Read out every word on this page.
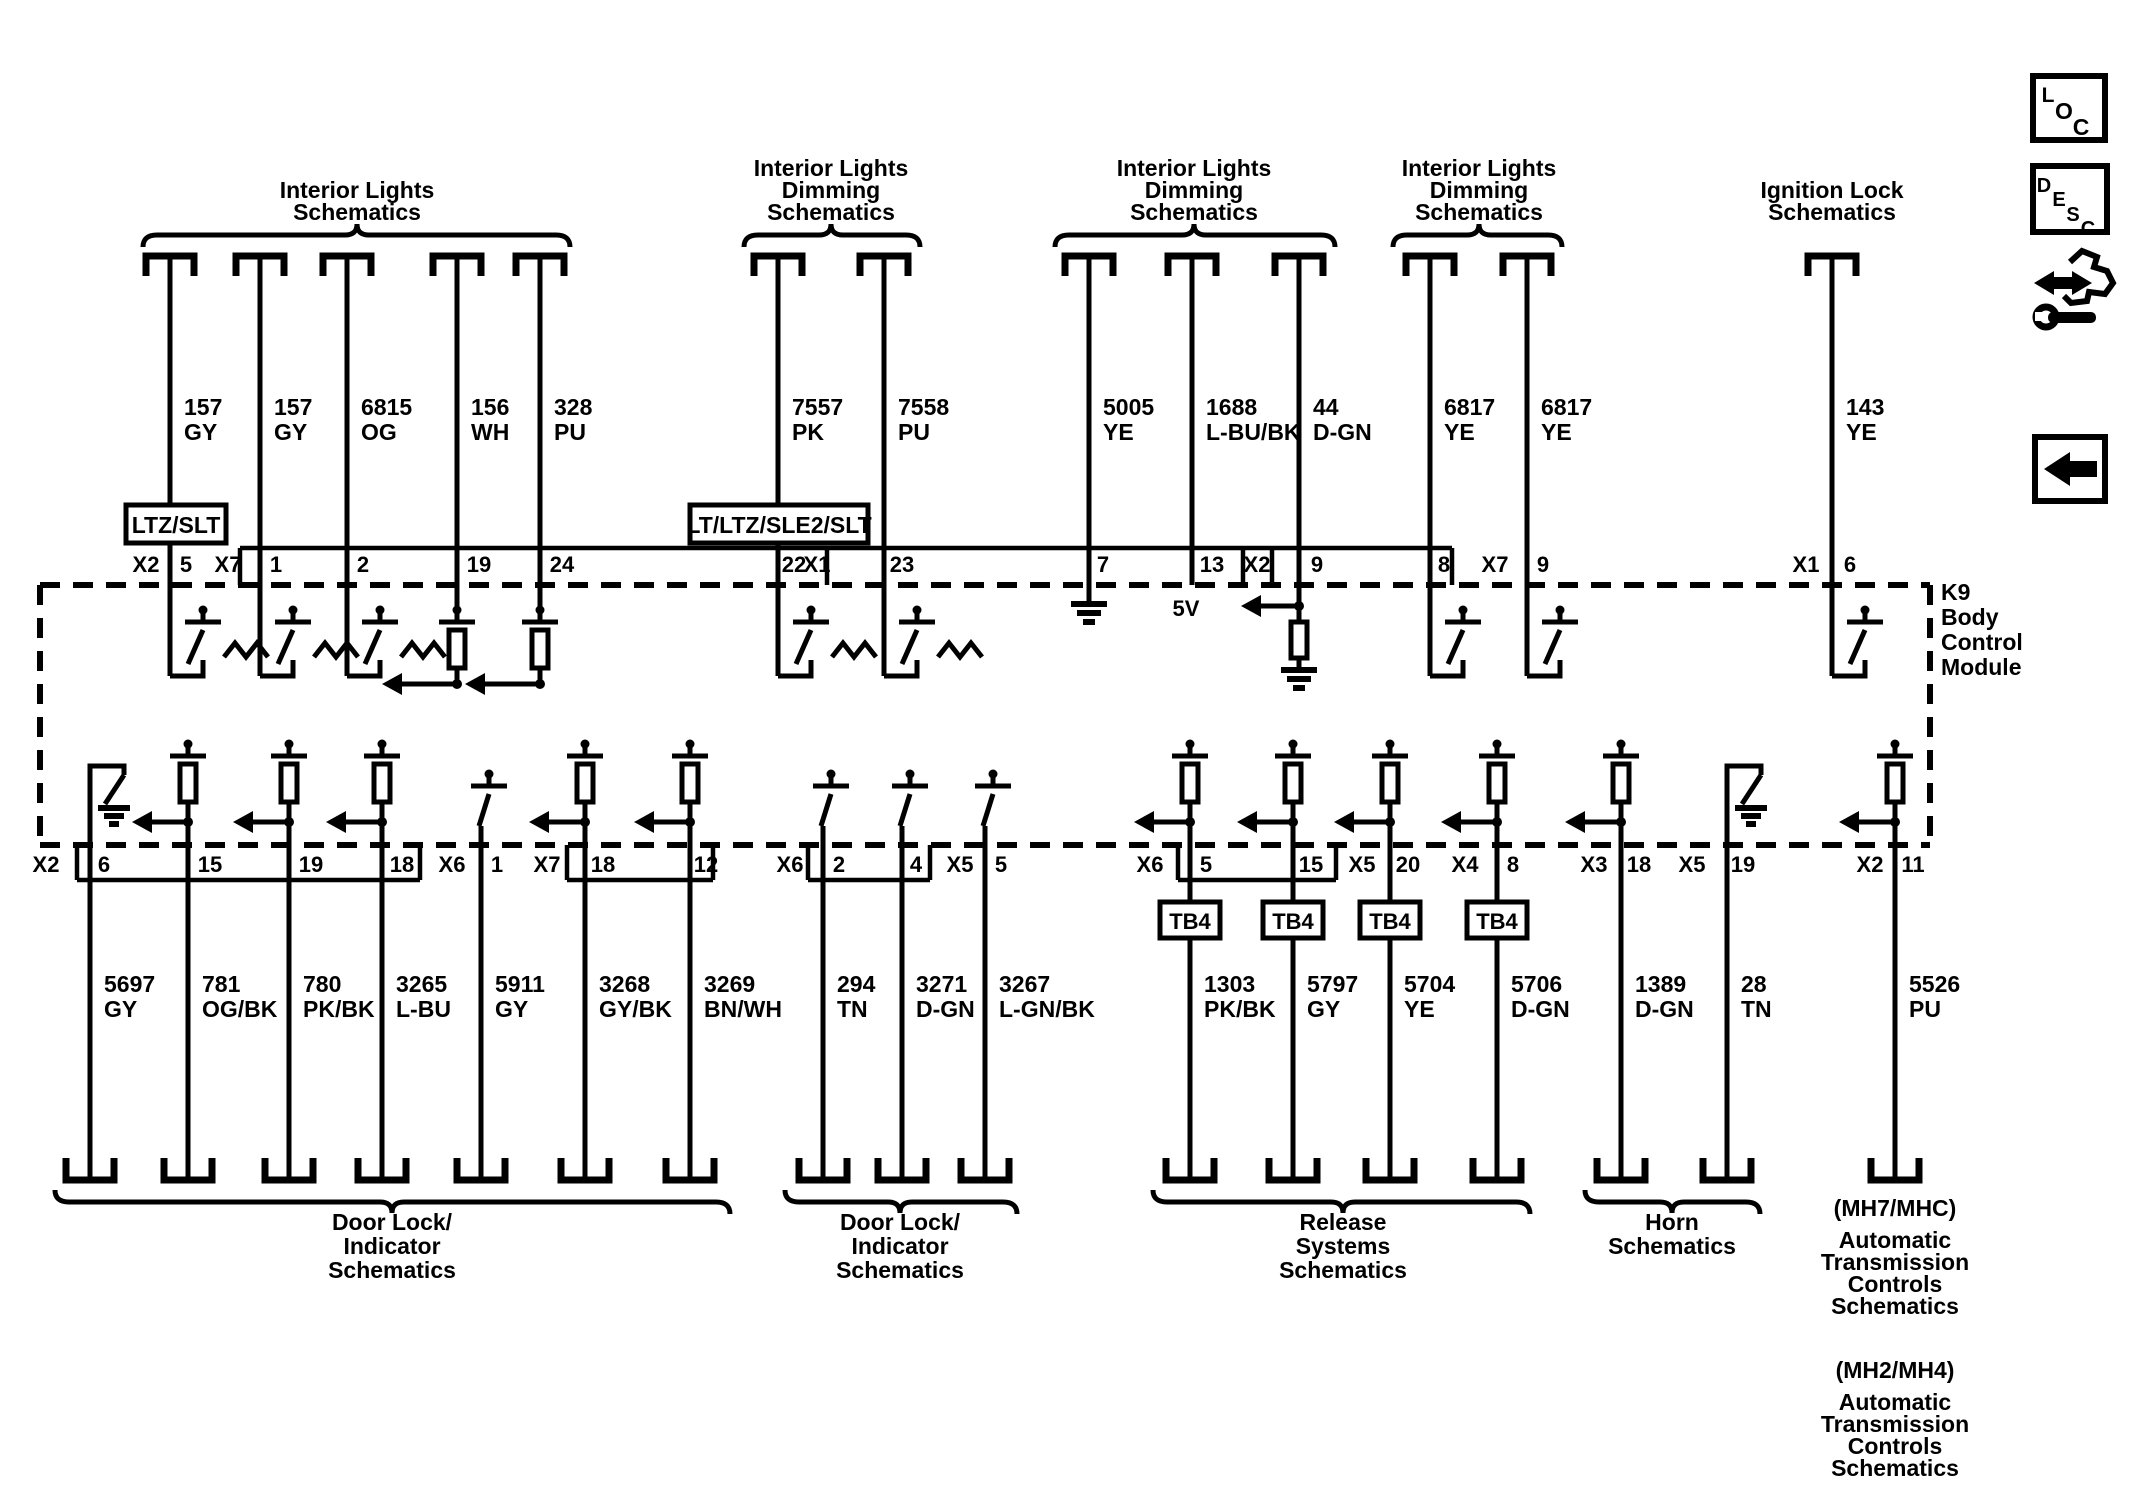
K9
Body
Control
Module
157
GY
5
157
GY
1
6815
OG
2
156
WH
19
328
PU
24
7557
PK
22
7558
PU
23
5005
YE
7
5V
1688
L-BU/BK
13
44
D-GN
9
6817
YE
8
6817
YE
9
143
YE
6
LTZ/SLT	LT/LTZ/SLE2/SLT
X2	X7	X1	X2	X7	X1
5697
GY
6
781
OG/BK
15
780
PK/BK
19
3265
L-BU
18
5911
GY
1
3268
GY/BK
18
3269
BN/WH
12
294
TN
2
3271
D-GN
4
3267
L-GN/BK
5
TB4
1303
PK/BK
5
TB4
5797
GY
15
TB4
5704
YE
20
TB4
5706
D-GN
8
1389
D-GN
18
28
TN
19
5526
PU
11
X2	X6	X7	X6	X5	X6	X5	X4	X3	X5	X2
Interior Lights
Schematics
Interior Lights
Dimming
Schematics
Interior Lights
Dimming
Schematics
Interior Lights
Dimming
Schematics
Ignition Lock
Schematics
Door Lock/
Indicator
Schematics
Door Lock/
Indicator
Schematics
Release
Systems
Schematics
Horn
Schematics
(MH7/MHC)
Automatic
Transmission
Controls
Schematics
(MH2/MH4)
Automatic
Transmission
Controls
Schematics
L
O
C
D
E
S
C
